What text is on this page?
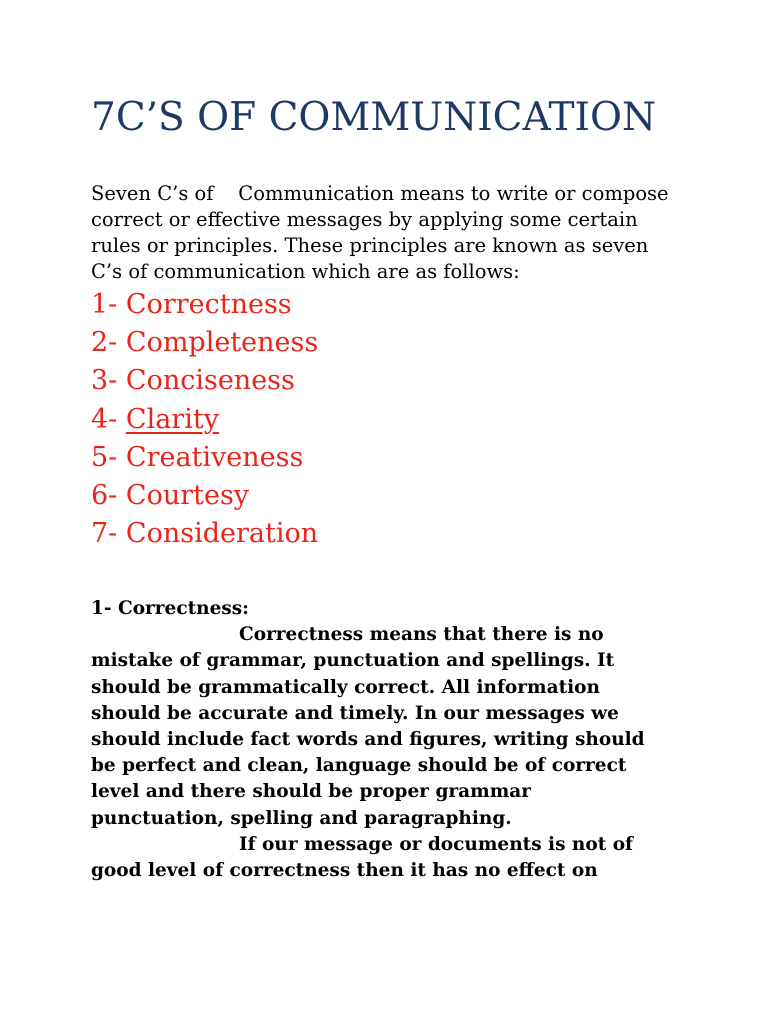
7C’S OF COMMUNICATION

Seven C’s of    Communication means to write or compose
correct or effective messages by applying some certain
rules or principles. These principles are known as seven
C’s of communication which are as follows:

1- Correctness
2- Completeness
3- Conciseness
4- Clarity
5- Creativeness
6- Courtesy
7- Consideration
1- Correctness:
Correctness means that there is no
mistake of grammar, punctuation and spellings. It
should be grammatically correct. All information
should be accurate and timely. In our messages we
should include fact words and figures, writing should
be perfect and clean, language should be of correct
level and there should be proper grammar
punctuation, spelling and paragraphing.
If our message or documents is not of
good level of correctness then it has no effect on
